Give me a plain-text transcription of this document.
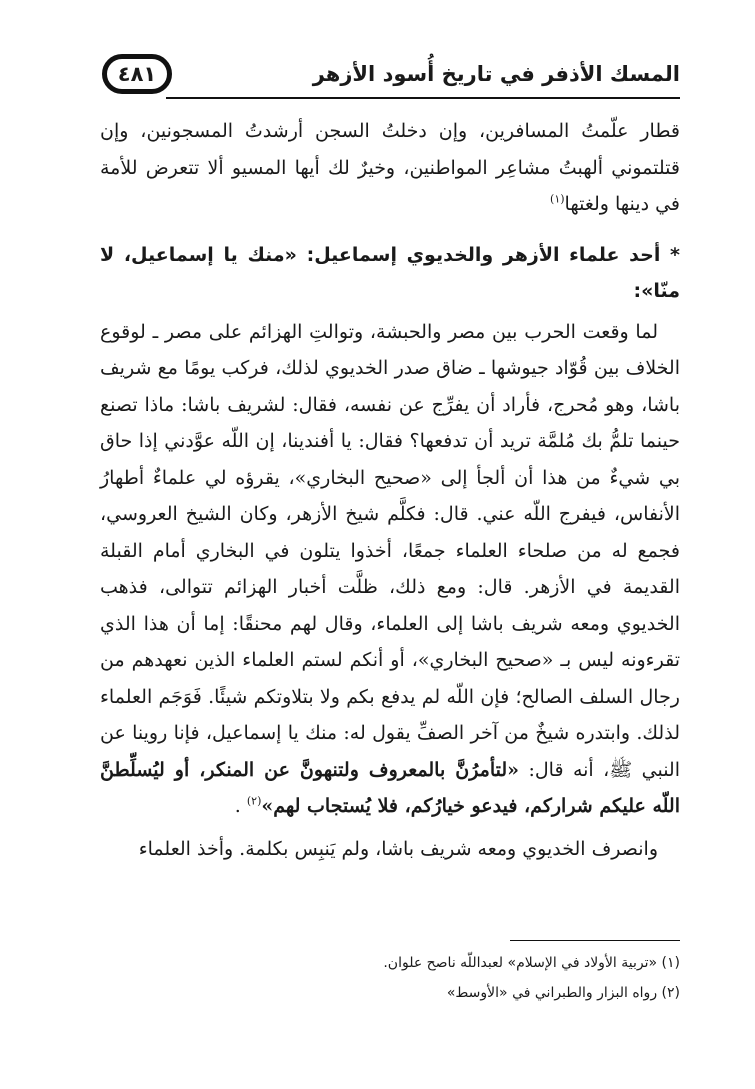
٤٨١	المسك الأذفر في تاريخ أُسود الأزهر

قطار علّمتُ المسافرين، وإن دخلتُ السجن أرشدتُ المسجونين، وإن قتلتموني ألهبتُ مشاعِر المواطنين، وخيرٌ لك أيها المسيو ألا تتعرض للأمة في دينها ولغتها$^{(١)}$

* أحد علماء الأزهر والخديوي إسماعيل: «منك يا إسماعيل، لا منّا»:

لما وقعت الحرب بين مصر والحبشة، وتوالتِ الهزائم على مصر ـ لوقوع الخلاف بين قُوّاد جيوشها ـ ضاق صدر الخديوي لذلك، فركب يومًا مع شريف باشا، وهو مُحرج، فأراد أن يفرِّج عن نفسه، فقال: لشريف باشا: ماذا تصنع حينما تلمُّ بك مُلمَّة تريد أن تدفعها؟ فقال: يا أفندينا، إن اللّه عوَّدني إذا حاق بي شيءٌ من هذا أن ألجأ إلى «صحيح البخاري»، يقرؤه لي علماءٌ أطهارُ الأنفاس، فيفرج اللّه عني. قال: فكلَّم شيخ الأزهر، وكان الشيخ العروسي، فجمع له من صلحاء العلماء جمعًا، أخذوا يتلون في البخاري أمام القبلة القديمة في الأزهر. قال: ومع ذلك، ظلَّت أخبار الهزائم تتوالى، فذهب الخديوي ومعه شريف باشا إلى العلماء، وقال لهم محنقًا: إما أن هذا الذي تقرءونه ليس بـ «صحيح البخاري»، أو أنكم لستم العلماء الذين نعهدهم من رجال السلف الصالح؛ فإن اللّه لم يدفع بكم ولا بتلاوتكم شيئًا. فَوَجَم العلماء لذلك. وابتدره شيخٌ من آخر الصفِّ يقول له: منك يا إسماعيل، فإنا روينا عن النبي ﷺ، أنه قال: «لتأمرُنَّ بالمعروف ولتنهونَّ عن المنكر، أو ليُسلِّطنَّ اللّه عليكم شراركم، فيدعو خيارُكم، فلا يُستجاب لهم»$^{(٢)}$ .

وانصرف الخديوي ومعه شريف باشا، ولم يَنبِس بكلمة. وأخذ العلماء

(١) «تربية الأولاد في الإسلام» لعبداللّه ناصح علوان.

(٢) رواه البزار والطبراني في «الأوسط»
